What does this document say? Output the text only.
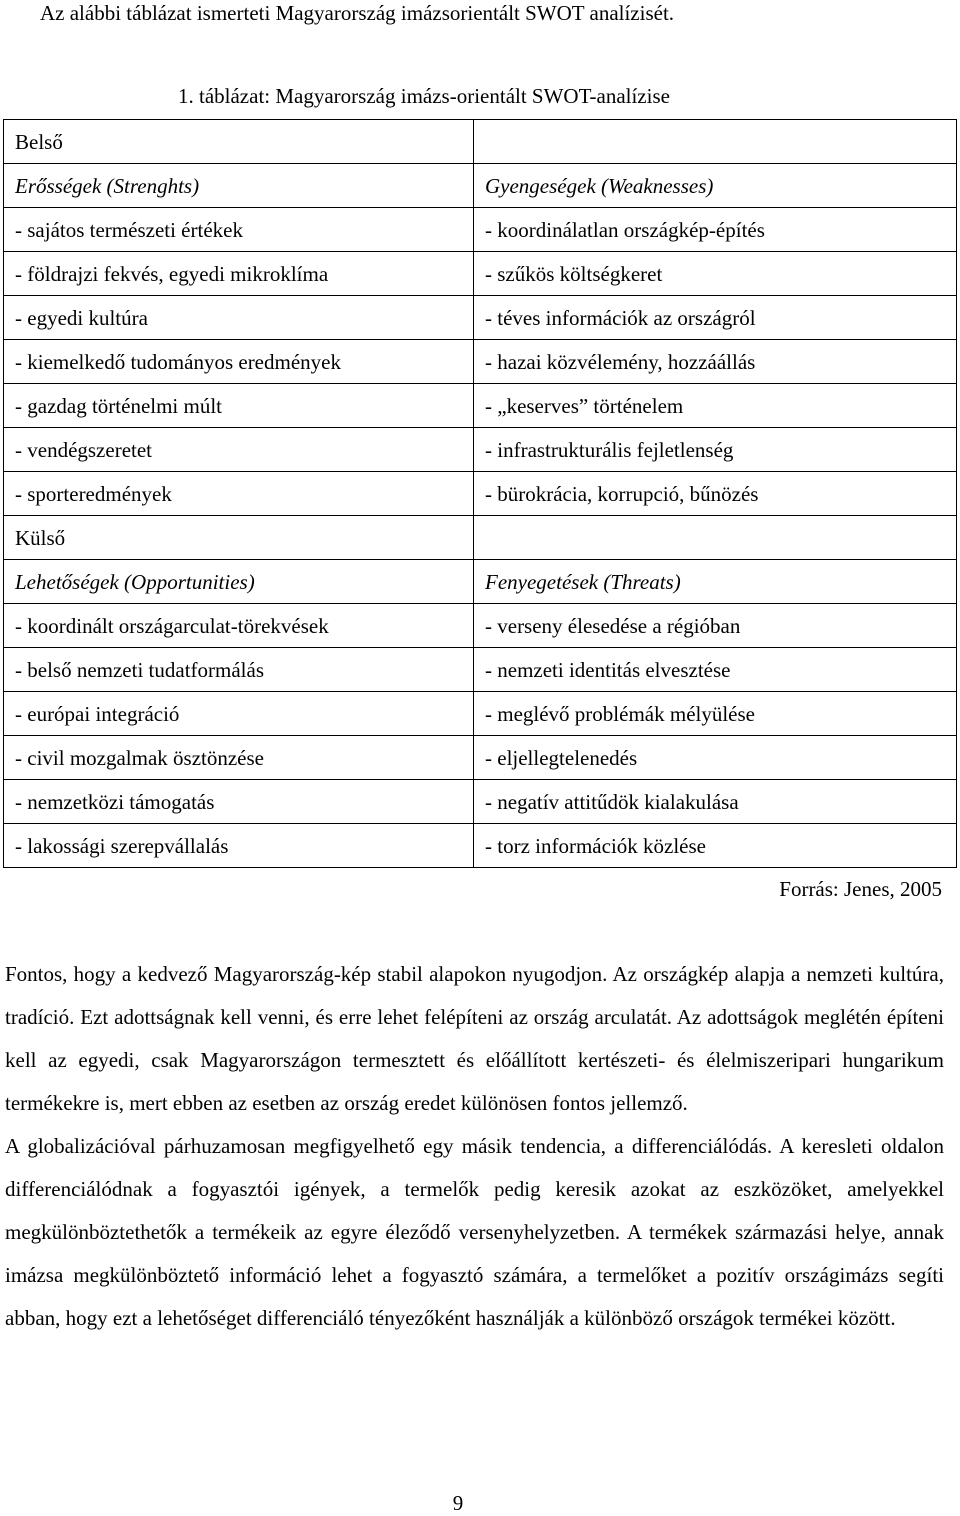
Az alábbi táblázat ismerteti Magyarország imázsorientált SWOT analízisét.
1. táblázat: Magyarország imázs-orientált SWOT-analízise
Belső	
Erősségek (Strenghts)	Gyengeségek (Weaknesses)
- sajátos természeti értékek	- koordinálatlan országkép-építés
- földrajzi fekvés, egyedi mikroklíma	- szűkös költségkeret
- egyedi kultúra	- téves információk az országról
- kiemelkedő tudományos eredmények	- hazai közvélemény, hozzáállás
- gazdag történelmi múlt	- „keserves” történelem
- vendégszeretet	- infrastrukturális fejletlenség
- sporteredmények	- bürokrácia, korrupció, bűnözés
Külső	
Lehetőségek (Opportunities)	Fenyegetések (Threats)
- koordinált országarculat-törekvések	- verseny élesedése a régióban
- belső nemzeti tudatformálás	- nemzeti identitás elvesztése
- európai integráció	- meglévő problémák mélyülése
- civil mozgalmak ösztönzése	- eljellegtelenedés
- nemzetközi támogatás	- negatív attitűdök kialakulása
- lakossági szerepvállalás	- torz információk közlése
Forrás: Jenes, 2005

Fontos, hogy a kedvező Magyarország-kép stabil alapokon nyugodjon. Az országkép alapja a nemzeti kultúra, tradíció. Ezt adottságnak kell venni, és erre lehet felépíteni az ország arculatát. Az adottságok meglétén építeni kell az egyedi, csak Magyarországon termesztett és előállított kertészeti- és élelmiszeripari hungarikum termékekre is, mert ebben az esetben az ország eredet különösen fontos jellemző.

A globalizációval párhuzamosan megfigyelhető egy másik tendencia, a differenciálódás. A keresleti oldalon differenciálódnak a fogyasztói igények, a termelők pedig keresik azokat az eszközöket, amelyekkel megkülönböztethetők a termékeik az egyre éleződő versenyhelyzetben. A termékek származási helye, annak imázsa megkülönböztető információ lehet a fogyasztó számára, a termelőket a pozitív országimázs segíti abban, hogy ezt a lehetőséget differenciáló tényezőként használják a különböző országok termékei között.

9
